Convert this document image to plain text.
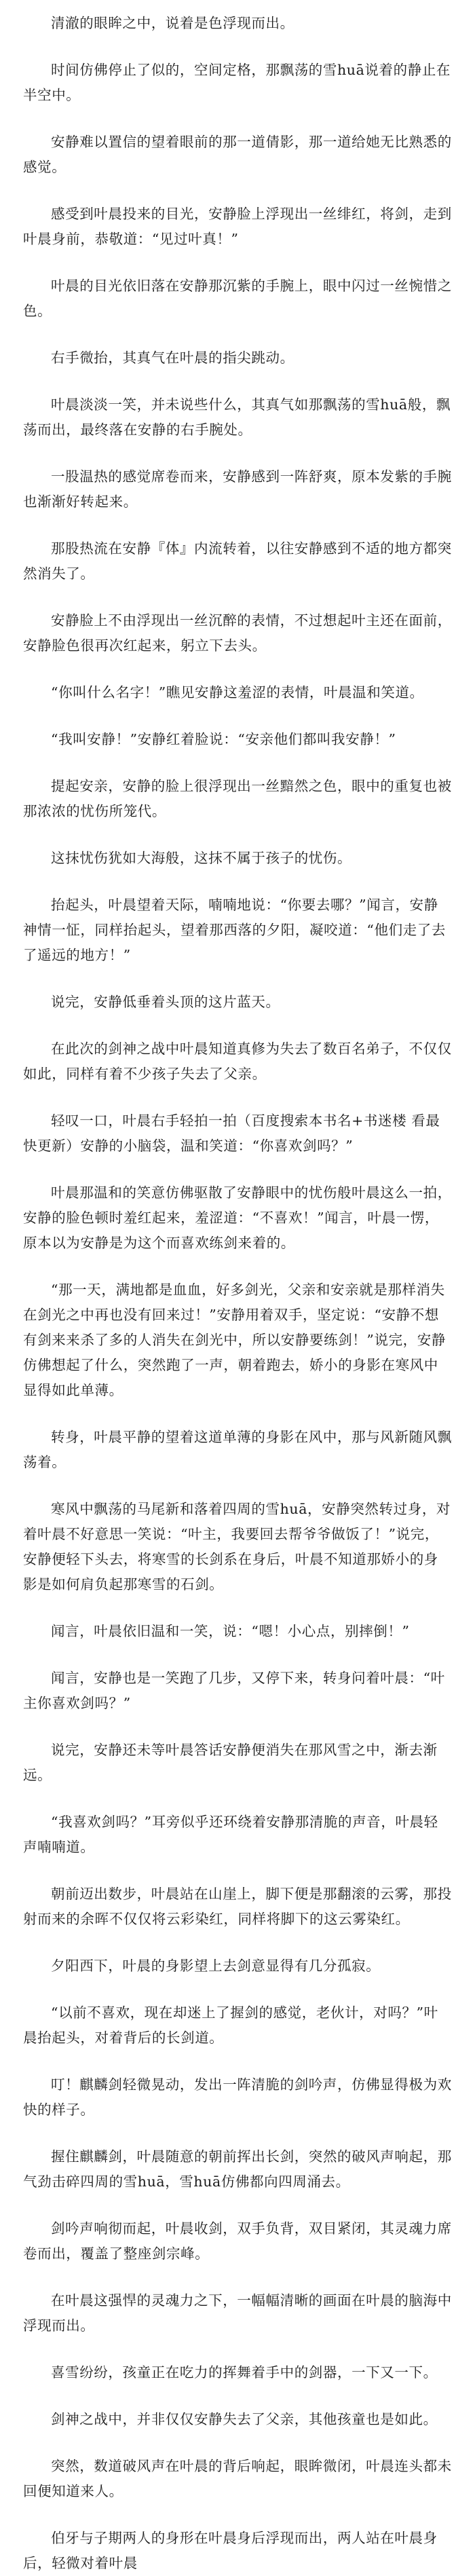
清澈的眼眸之中，说着是色浮现而出。

时间仿佛停止了似的，空间定格，那飘荡的雪huā说着的静止在半空中。

安静难以置信的望着眼前的那一道倩影，那一道给她无比熟悉的感觉。

感受到叶晨投来的目光，安静脸上浮现出一丝绯红，将剑，走到叶晨身前，恭敬道：“见过叶真！”

叶晨的目光依旧落在安静那沉紫的手腕上，眼中闪过一丝惋惜之色。

右手微抬，其真气在叶晨的指尖跳动。

叶晨淡淡一笑，并未说些什么，其真气如那飘荡的雪huā般，飘荡而出，最终落在安静的右手腕处。

一股温热的感觉席卷而来，安静感到一阵舒爽，原本发紫的手腕也渐渐好转起来。

那股热流在安静『体』内流转着，以往安静感到不适的地方都突然消失了。

安静脸上不由浮现出一丝沉醉的表情，不过想起叶主还在面前，安静脸色很再次红起来，躬立下去头。

“你叫什么名字！”瞧见安静这羞涩的表情，叶晨温和笑道。

“我叫安静！”安静红着脸说：“安亲他们都叫我安静！”

提起安亲，安静的脸上很浮现出一丝黯然之色，眼中的重复也被那浓浓的忧伤所笼代。

这抹忧伤犹如大海般，这抹不属于孩子的忧伤。

抬起头，叶晨望着天际，喃喃地说：“你要去哪？”闻言，安静神情一怔，同样抬起头，望着那西落的夕阳，凝咬道：“他们走了去了遥远的地方！”

说完，安静低垂着头顶的这片蓝天。

在此次的剑神之战中叶晨知道真修为失去了数百名弟子，不仅仅如此，同样有着不少孩子失去了父亲。

轻叹一口，叶晨右手轻拍一拍（百度搜索本书名+书迷楼 看最快更新）安静的小脑袋，温和笑道：“你喜欢剑吗？”

叶晨那温和的笑意仿佛驱散了安静眼中的忧伤般叶晨这么一拍，安静的脸色顿时羞红起来，羞涩道：“不喜欢！”闻言，叶晨一愣，原本以为安静是为这个而喜欢练剑来着的。

“那一天，满地都是血血，好多剑光，父亲和安亲就是那样消失在剑光之中再也没有回来过！”安静用着双手，坚定说：“安静不想有剑来来杀了多的人消失在剑光中，所以安静要练剑！”说完，安静仿佛想起了什么，突然跑了一声，朝着跑去，娇小的身影在寒风中显得如此单薄。

转身，叶晨平静的望着这道单薄的身影在风中，那与风新随风飘荡着。

寒风中飘荡的马尾新和落着四周的雪huā，安静突然转过身，对着叶晨不好意思一笑说：“叶主，我要回去帮爷爷做饭了！”说完，安静便轻下头去，将寒雪的长剑系在身后，叶晨不知道那娇小的身影是如何肩负起那寒雪的石剑。

闻言，叶晨依旧温和一笑，说：“嗯！小心点，别摔倒！”

闻言，安静也是一笑跑了几步，又停下来，转身问着叶晨：“叶主你喜欢剑吗？”

说完，安静还未等叶晨答话安静便消失在那风雪之中，渐去渐远。

“我喜欢剑吗？”耳旁似乎还环绕着安静那清脆的声音，叶晨轻声喃喃道。

朝前迈出数步，叶晨站在山崖上，脚下便是那翻滚的云雾，那投射而来的余晖不仅仅将云彩染红，同样将脚下的这云雾染红。

夕阳西下，叶晨的身影望上去剑意显得有几分孤寂。

“以前不喜欢，现在却迷上了握剑的感觉，老伙计，对吗？”叶晨抬起头，对着背后的长剑道。

叮！麒麟剑轻微晃动，发出一阵清脆的剑吟声，仿佛显得极为欢快的样子。

握住麒麟剑，叶晨随意的朝前挥出长剑，突然的破风声响起，那气劲击碎四周的雪huā，雪huā仿佛都向四周涌去。

剑吟声响彻而起，叶晨收剑，双手负背，双目紧闭，其灵魂力席卷而出，覆盖了整座剑宗峰。

在叶晨这强悍的灵魂力之下，一幅幅清晰的画面在叶晨的脑海中浮现而出。

喜雪纷纷，孩童正在吃力的挥舞着手中的剑器，一下又一下。

剑神之战中，并非仅仅安静失去了父亲，其他孩童也是如此。

突然，数道破风声在叶晨的背后响起，眼眸微闭，叶晨连头都未回便知道来人。

伯牙与子期两人的身形在叶晨身后浮现而出，两人站在叶晨身后，轻微对着叶晨
